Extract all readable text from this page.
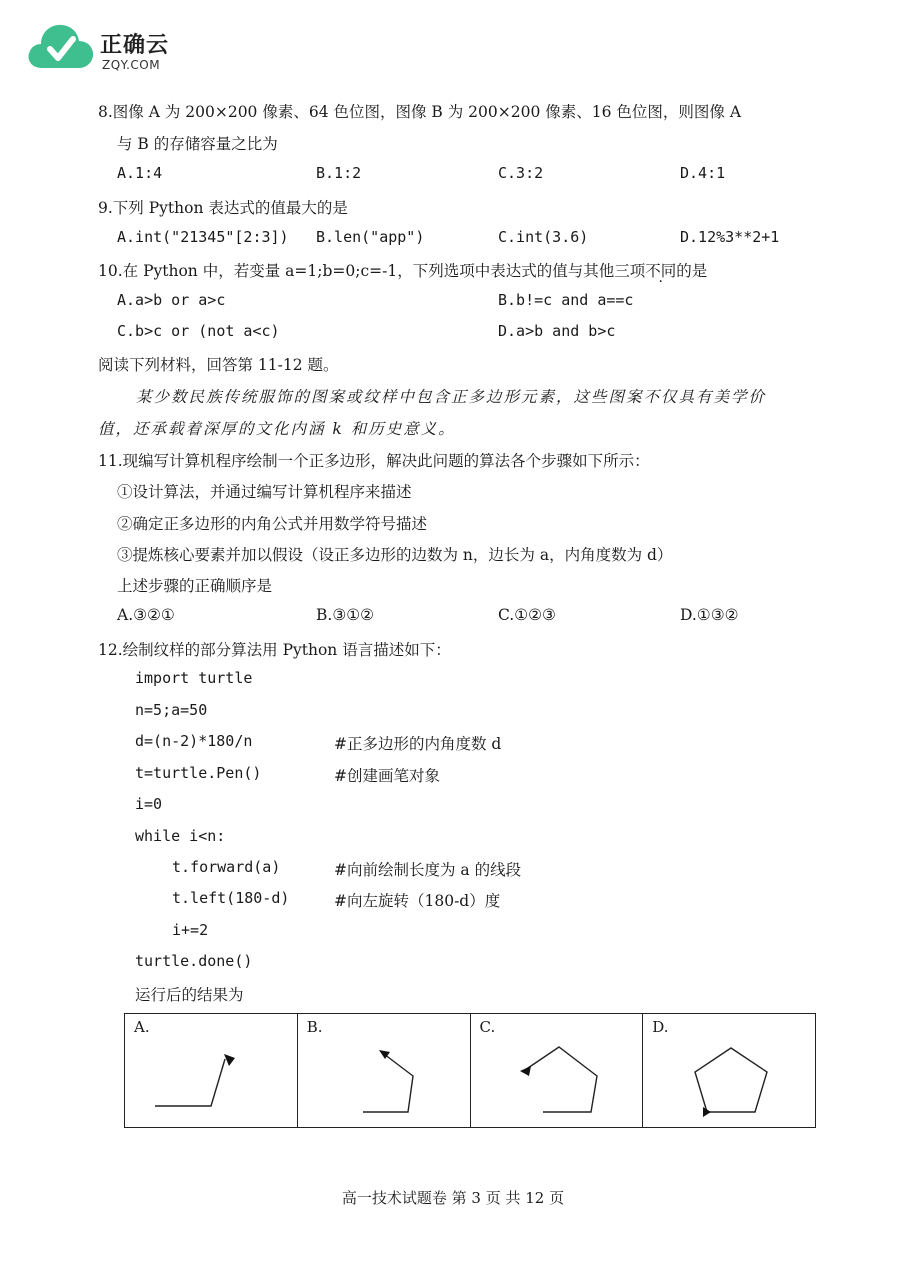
正确云
ZQY.COM
8.图像 A 为 200×200 像素、64 色位图，图像 B 为 200×200 像素、16 色位图，则图像 A
与 B 的存储容量之比为
A.1:4	B.1:2	C.3:2	D.4:1
9.下列 Python 表达式的值最大的是
A.int("21345"[2:3]) B.len("app")	C.int(3.6)	D.12%3**2+1
10.在 Python 中，若变量 a=1;b=0;c=-1，下列选项中表达式的值与其他三项不同的是
A.a>b or a>c	B.b!=c and a==c
C.b>c or (not a<c)	D.a>b and b>c
阅读下列材料，回答第 11-12 题。
某少数民族传统服饰的图案或纹样中包含正多边形元素，这些图案不仅具有美学价
值，还承载着深厚的文化内涵 k 和历史意义。
11.现编写计算机程序绘制一个正多边形，解决此问题的算法各个步骤如下所示：
①设计算法，并通过编写计算机程序来描述
②确定正多边形的内角公式并用数学符号描述
③提炼核心要素并加以假设（设正多边形的边数为 n，边长为 a，内角度数为 d）
上述步骤的正确顺序是
A.③②①	B.③①②	C.①②③	D.①③②
12.绘制纹样的部分算法用 Python 语言描述如下：
import turtle
n=5;a=50
d=(n-2)*180/n	#正多边形的内角度数 d
t=turtle.Pen()	#创建画笔对象
i=0
while i<n:
t.forward(a)	#向前绘制长度为 a 的线段
t.left(180-d)	#向左旋转（180-d）度
i+=2
turtle.done()
运行后的结果为
A.	B.	C.	D.
高一技术试题卷 第 3 页 共 12 页
